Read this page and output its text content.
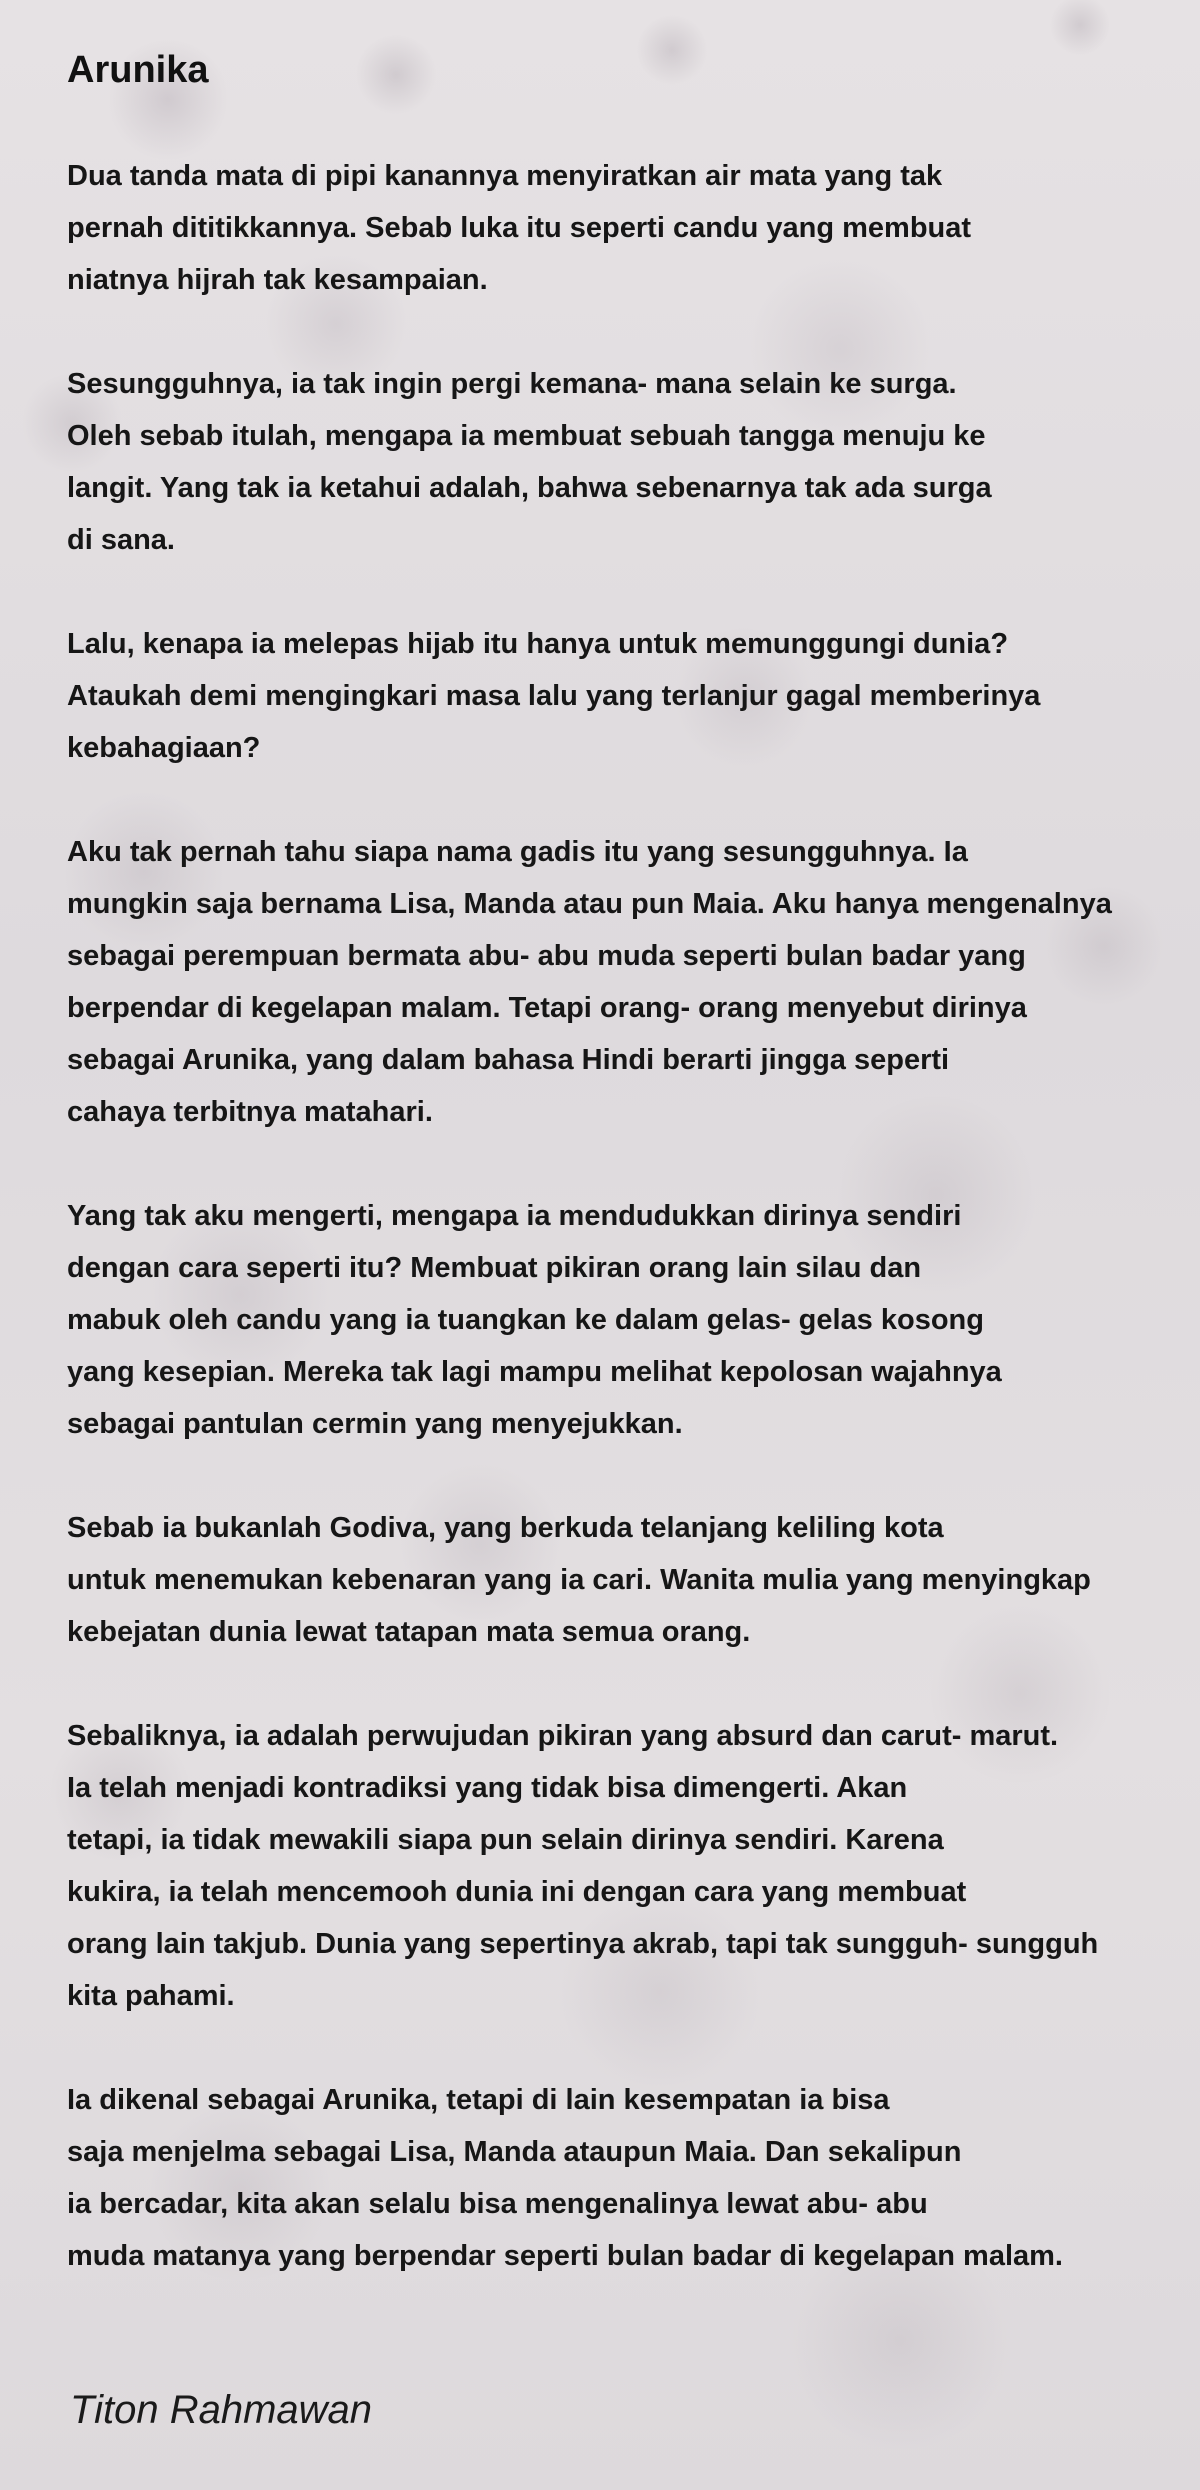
Arunika

Dua tanda mata di pipi kanannya menyiratkan air mata yang tak
pernah dititikkannya. Sebab luka itu seperti candu yang membuat
niatnya hijrah tak kesampaian.

Sesungguhnya, ia tak ingin pergi kemana- mana selain ke surga.
Oleh sebab itulah, mengapa ia membuat sebuah tangga menuju ke
langit. Yang tak ia ketahui adalah, bahwa sebenarnya tak ada surga
di sana.

Lalu, kenapa ia melepas hijab itu hanya untuk memunggungi dunia?
Ataukah demi mengingkari masa lalu yang terlanjur gagal memberinya
kebahagiaan?

Aku tak pernah tahu siapa nama gadis itu yang sesungguhnya. Ia
mungkin saja bernama Lisa, Manda atau pun Maia. Aku hanya mengenalnya
sebagai perempuan bermata abu- abu muda seperti bulan badar yang
berpendar di kegelapan malam. Tetapi orang- orang menyebut dirinya
sebagai Arunika, yang dalam bahasa Hindi berarti jingga seperti
cahaya terbitnya matahari.

Yang tak aku mengerti, mengapa ia mendudukkan dirinya sendiri
dengan cara seperti itu? Membuat pikiran orang lain silau dan
mabuk oleh candu yang ia tuangkan ke dalam gelas- gelas kosong
yang kesepian. Mereka tak lagi mampu melihat kepolosan wajahnya
sebagai pantulan cermin yang menyejukkan.

Sebab ia bukanlah Godiva, yang berkuda telanjang keliling kota
untuk menemukan kebenaran yang ia cari. Wanita mulia yang menyingkap
kebejatan dunia lewat tatapan mata semua orang.

Sebaliknya, ia adalah perwujudan pikiran yang absurd dan carut- marut.
Ia telah menjadi kontradiksi yang tidak bisa dimengerti. Akan
tetapi, ia tidak mewakili siapa pun selain dirinya sendiri. Karena
kukira, ia telah mencemooh dunia ini dengan cara yang membuat
orang lain takjub. Dunia yang sepertinya akrab, tapi tak sungguh- sungguh
kita pahami.

Ia dikenal sebagai Arunika, tetapi di lain kesempatan ia bisa
saja menjelma sebagai Lisa, Manda ataupun Maia. Dan sekalipun
ia bercadar, kita akan selalu bisa mengenalinya lewat abu- abu
muda matanya yang berpendar seperti bulan badar di kegelapan malam.

Titon Rahmawan
